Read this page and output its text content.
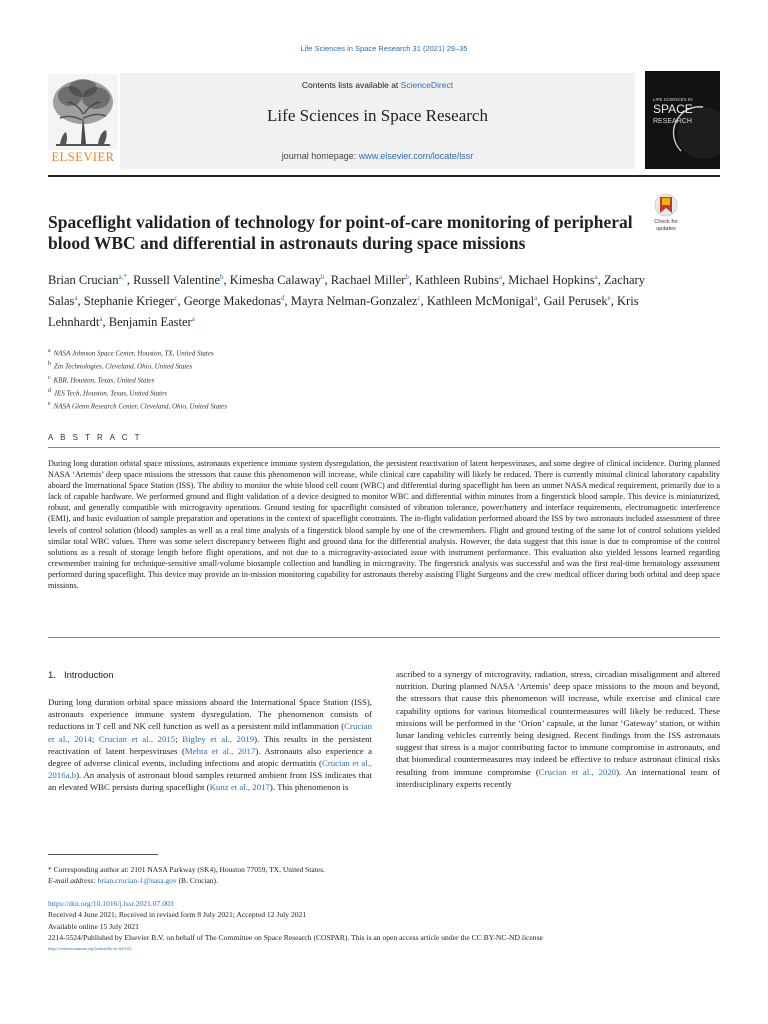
Life Sciences in Space Research 31 (2021) 29–35
Contents lists available at ScienceDirect
Life Sciences in Space Research
journal homepage: www.elsevier.com/locate/lssr
ELSEVIER
LIFE SCIENCES IN
SPACE
RESEARCH
Spaceflight validation of technology for point-of-care monitoring of peripheral blood WBC and differential in astronauts during space missions
Check for
updates
Brian Crucian$^{a,*}$, Russell Valentine$^b$, Kimesha Calaway$^b$, Rachael Miller$^b$, Kathleen Rubins$^a$, Michael Hopkins$^a$, Zachary Salas$^a$, Stephanie Krieger$^c$, George Makedonas$^d$, Mayra Nelman-Gonzalez$^c$, Kathleen McMonigal$^a$, Gail Perusek$^e$, Kris Lehnhardt$^a$, Benjamin Easter$^a$
$^a$ NASA Johnson Space Center, Houston, TX, United States
$^b$ Zin Technologies, Cleveland, Ohio, United States
$^c$ KBR, Houston, Texas, United States
$^d$ JES Tech, Houston, Texas, United States
$^e$ NASA Glenn Research Center, Cleveland, Ohio, United States
A B S T R A C T
During long duration orbital space missions, astronauts experience immune system dysregulation, the persistent reactivation of latent herpesviruses, and some degree of clinical incidence. During planned NASA ‘Artemis’ deep space missions the stressors that cause this phenomenon will increase, while clinical care capability will likely be reduced. There is currently minimal clinical laboratory capability aboard the International Space Station (ISS). The ability to monitor the white blood cell count (WBC) and differential during spaceflight has been an unmet NASA medical requirement, primarily due to a lack of capable hardware. We performed ground and flight validation of a device designed to monitor WBC and differential within minutes from a fingerstick blood sample. This device is miniaturized, robust, and generally compatible with microgravity operations. Ground testing for spaceflight consisted of vibration tolerance, power/battery and interface requirements, electromagnetic interference (EMI), and basic evaluation of sample preparation and operations in the context of spaceflight constraints. The in-flight validation performed aboard the ISS by two astronauts included assessment of three levels of control solution (blood) samples as well as a real time analysis of a fingerstick blood sample by one of the crewmembers. Flight and ground testing of the same lot of control solutions yielded similar total WBC values. There was some select discrepancy between flight and ground data for the differential analysis. However, the data suggest that this issue is due to compromise of the control solutions as a result of storage length before flight operations, and not due to a microgravity-associated issue with instrument performance. This evaluation also yielded lessons learned regarding crewmember training for technique-sensitive small-volume biosample collection and handling in microgravity. The fingerstick analysis was successful and was the first real-time hematology assessment performed during spaceflight. This device may provide an in-mission monitoring capability for astronauts thereby assisting Flight Surgeons and the crew medical officer during both orbital and deep space missions.
1. Introduction
During long duration orbital space missions aboard the International Space Station (ISS), astronauts experience immune system dysregulation. The phenomenon consists of reductions in T cell and NK cell function as well as a persistent mild inflammation (Crucian et al., 2014; Crucian et al., 2015; Bigley et al., 2019). This results in the persistent reactivation of latent herpesviruses (Mehta et al., 2017). Astronauts also experience a degree of adverse clinical events, including infections and atopic dermatitis (Crucian et al., 2016a,b). An analysis of astronaut blood samples returned ambient from ISS indicates that an elevated WBC persists during spaceflight (Kunz et al., 2017). This phenomenon is
ascribed to a synergy of microgravity, radiation, stress, circadian misalignment and altered nutrition. During planned NASA ‘Artemis’ deep space missions to the moon and beyond, the stressors that cause this phenomenon will increase, while exercise and clinical care capability options for various biomedical countermeasures will likely be reduced. These missions will be performed in the ‘Orion’ capsule, at the lunar ‘Gateway’ station, or within lunar landing vehicles currently being designed. Recent findings from the ISS astronauts suggest that stress is a major contributing factor to immune compromise in astronauts, and that biomedical countermeasures may indeed be effective to reduce astronaut clinical risks resulting from immune compromise (Crucian et al., 2020). An international team of interdisciplinary experts recently
* Corresponding author at: 2101 NASA Parkway (SK4), Houston 77059, TX, United States.
E-mail address: brian.crucian-1@nasa.gov (B. Crucian).
https://doi.org/10.1016/j.lssr.2021.07.003
Received 4 June 2021; Received in revised form 8 July 2021; Accepted 12 July 2021
Available online 15 July 2021
2214-5524/Published by Elsevier B.V. on behalf of The Committee on Space Research (COSPAR). This is an open access article under the CC BY-NC-ND license
(http://creativecommons.org/licenses/by-nc-nd/4.0/).
